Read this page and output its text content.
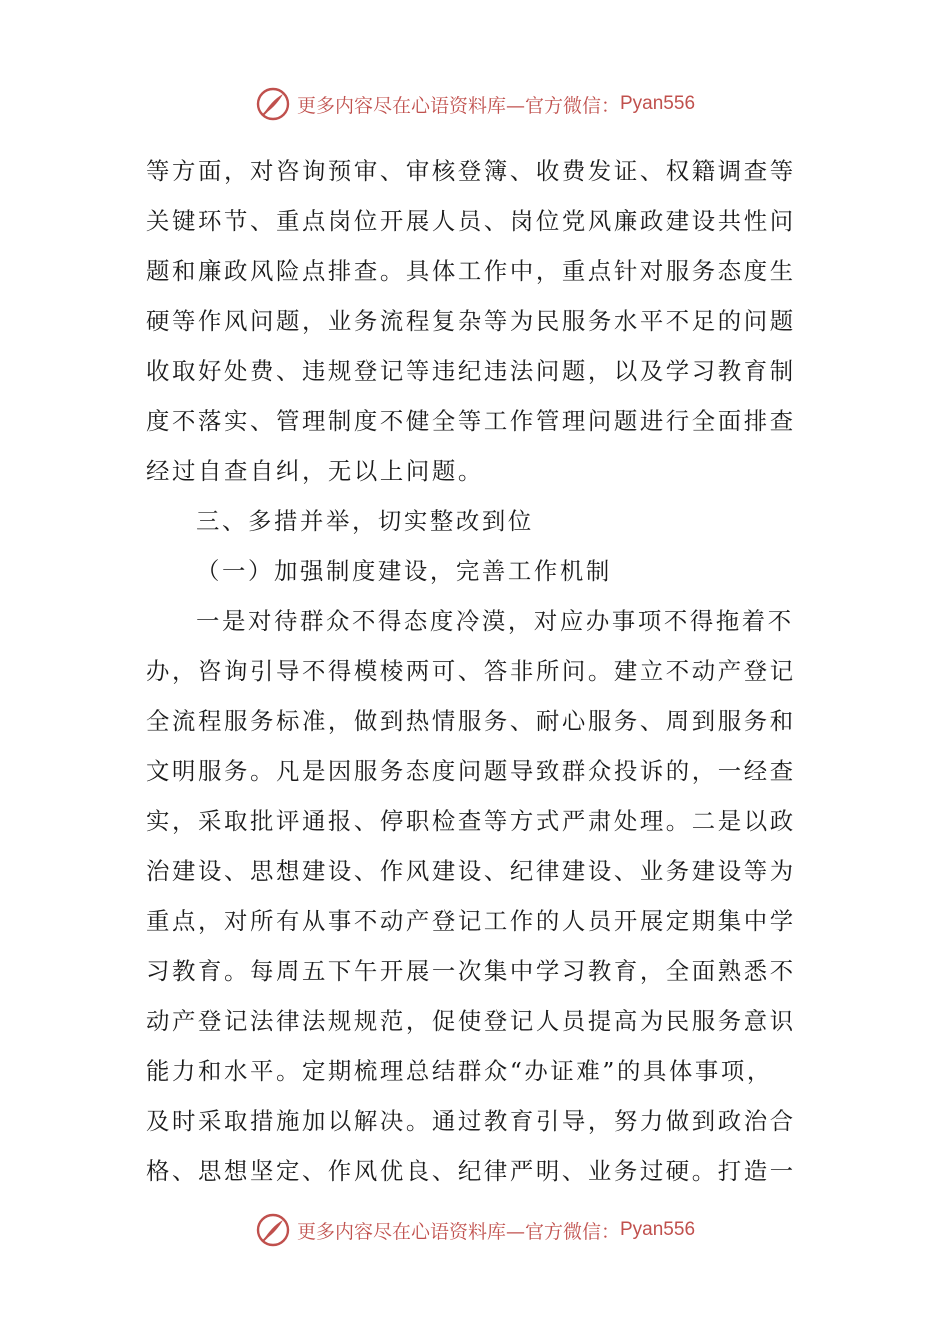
更多内容尽在心语资料库—官方微信： Pyan556
等方面，对咨询预审、审核登簿、收费发证、权籍调查等
关键环节、重点岗位开展人员、岗位党风廉政建设共性问
题和廉政风险点排查。具体工作中，重点针对服务态度生
硬等作风问题，业务流程复杂等为民服务水平不足的问题
收取好处费、违规登记等违纪违法问题，以及学习教育制
度不落实、管理制度不健全等工作管理问题进行全面排查
经过自查自纠，无以上问题。
三、多措并举，切实整改到位
（一）加强制度建设，完善工作机制
一是对待群众不得态度冷漠，对应办事项不得拖着不
办，咨询引导不得模棱两可、答非所问。建立不动产登记
全流程服务标准，做到热情服务、耐心服务、周到服务和
文明服务。凡是因服务态度问题导致群众投诉的，一经查
实，采取批评通报、停职检查等方式严肃处理。二是以政
治建设、思想建设、作风建设、纪律建设、业务建设等为
重点，对所有从事不动产登记工作的人员开展定期集中学
习教育。每周五下午开展一次集中学习教育，全面熟悉不
动产登记法律法规规范，促使登记人员提高为民服务意识
能力和水平。定期梳理总结群众“办证难”的具体事项，
及时采取措施加以解决。通过教育引导，努力做到政治合
格、思想坚定、作风优良、纪律严明、业务过硬。打造一
更多内容尽在心语资料库—官方微信： Pyan556
